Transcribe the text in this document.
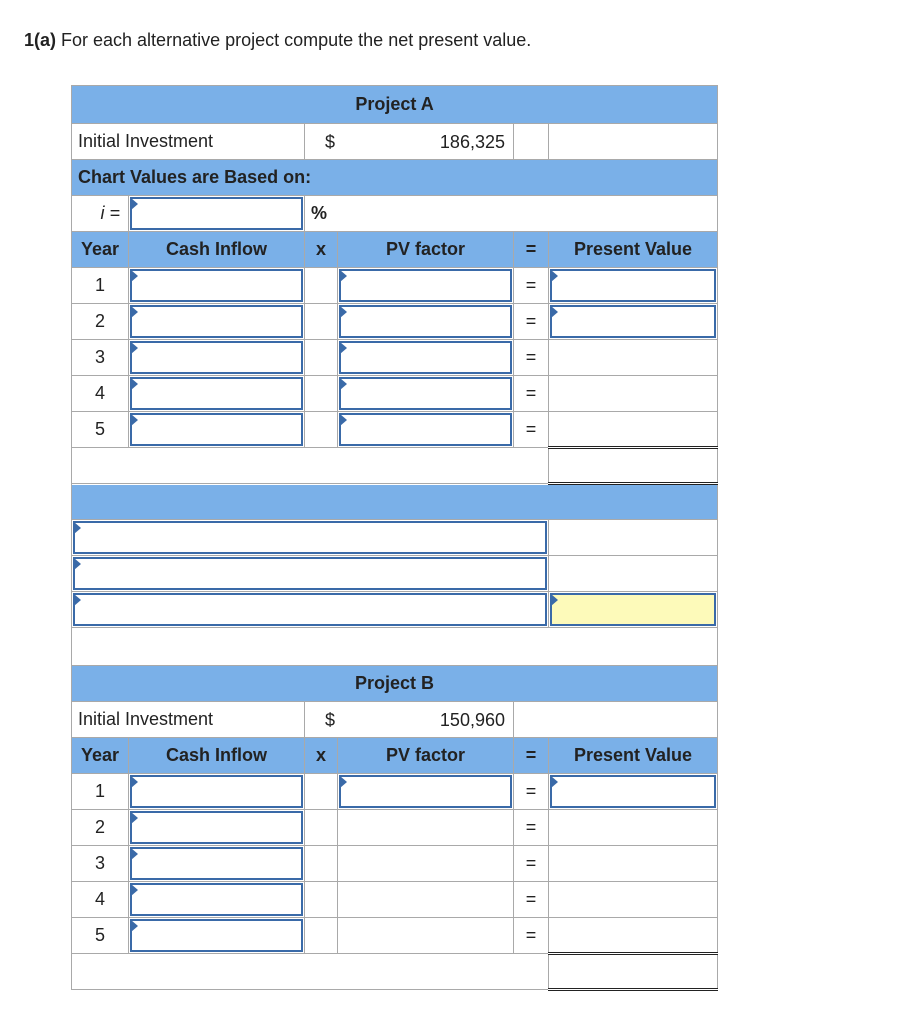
1(a) For each alternative project compute the net present value.
Project A					
Initial Investment		$ 186,325			

Chart Values are Based on:					
i =		%			
Year	Cash Inflow	x	PV factor	=	Present Value
1				=	

2				=	

3				=	
4				=	
5				=	

Project B					
Initial Investment		$ 150,960			

Year	Cash Inflow	x	PV factor	=	Present Value
1				=	

2				=	
3				=	
4				=	
5				=	
